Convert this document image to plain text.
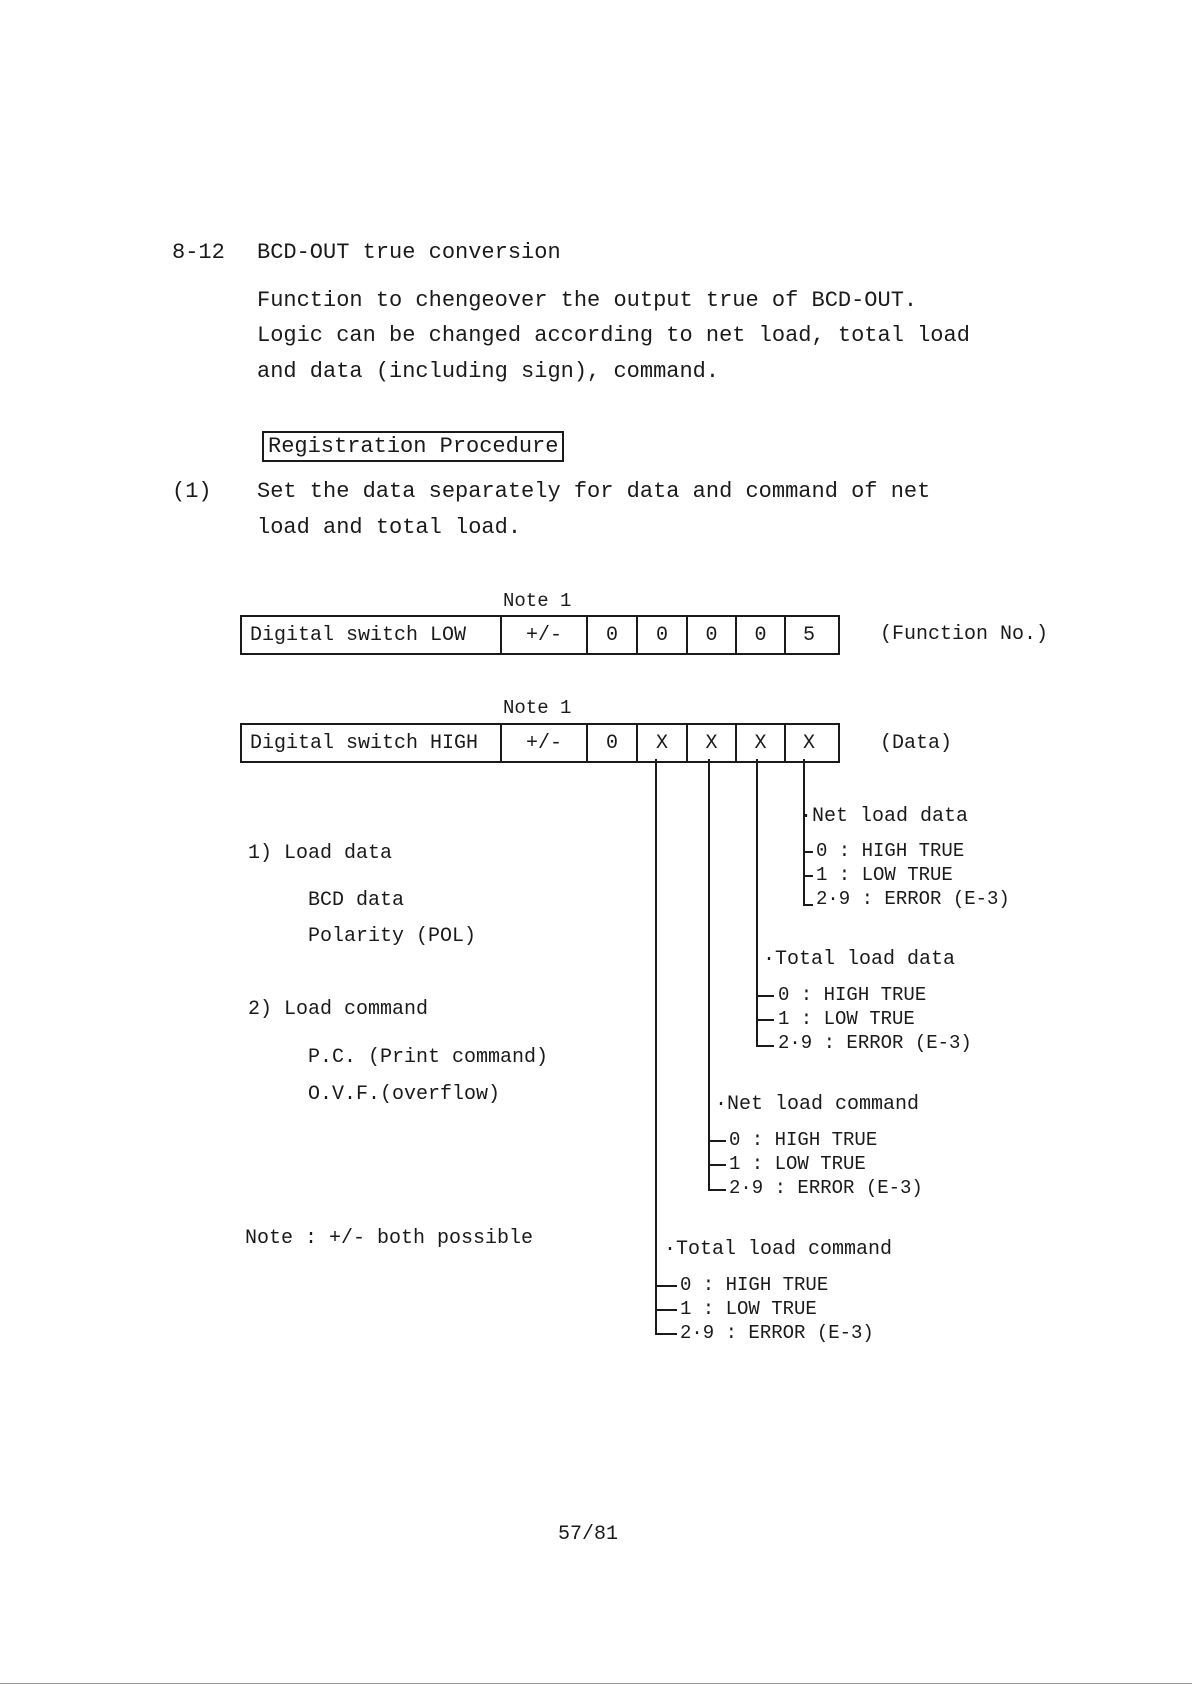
8-12 BCD-OUT true conversion
Function to chengeover the output true of BCD-OUT.
Logic can be changed according to net load, total load
and data (including sign), command.
Registration Procedure
(1) Set the data separately for data and command of net
load and total load.
Note 1
Digital switch LOW	+/-	0	0	0	0	5	(Function No.)
Note 1
Digital switch HIGH	+/-	0	X	X	X	X	(Data)
1) Load data
BCD data
Polarity (POL)
2) Load command
P.C. (Print command)
O.V.F.(overflow)
Note : +/- both possible
·Net load data
0 : HIGH TRUE
1 : LOW TRUE
2∙9 : ERROR (E-3)
·Total load data
0 : HIGH TRUE
1 : LOW TRUE
2∙9 : ERROR (E-3)
·Net load command
0 : HIGH TRUE
1 : LOW TRUE
2∙9 : ERROR (E-3)
·Total load command
0 : HIGH TRUE
1 : LOW TRUE
2∙9 : ERROR (E-3)
57/81
